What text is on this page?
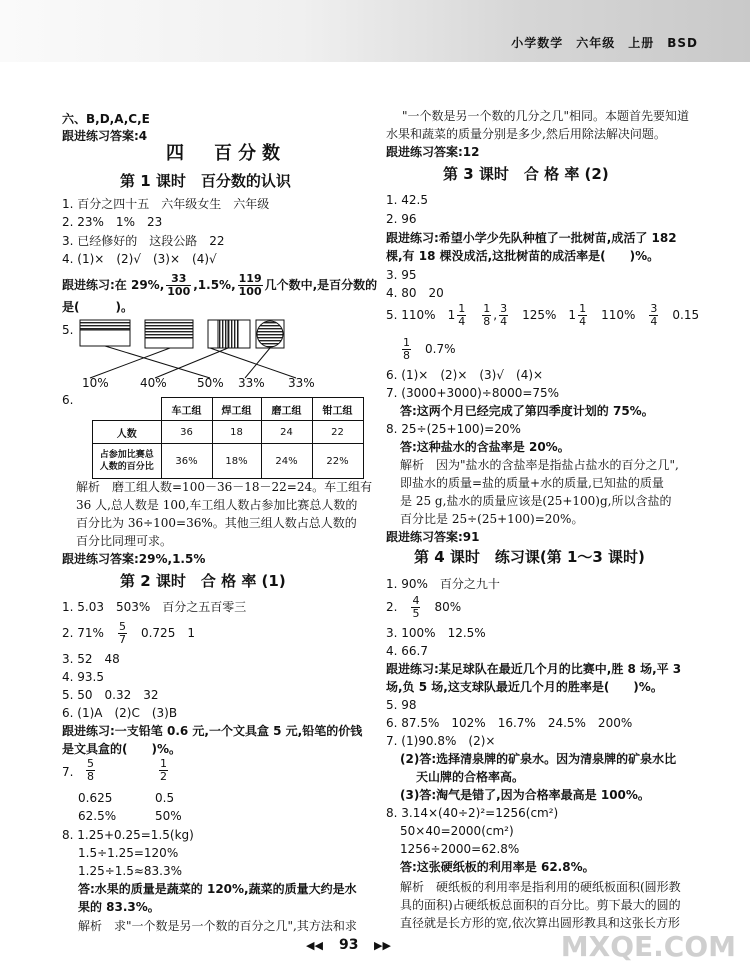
小学数学　六年级　上册　BSD
六、B,D,A,C,E
跟进练习答案:4
四　百分数
第 1 课时　百分数的认识
1. 百分之四十五　六年级女生　六年级
2. 23%　1%　23
3. 已经修好的　这段公路　22
4. (1)×　(2)√　(3)×　(4)√
跟进练习:在 29%, $\frac{33}{100} ,1.5\%$, $\frac{119}{100}$ 几个数中,是百分数的
是(　　　)。
5.
10%	40%	50% 33% 33%
6.
	车工组	焊工组	磨工组	钳工组
人数	36	18	24	22
占参加比赛总
人数的百分比	36%	18%	24%	22%
解析　磨工组人数=100－36－18－22=24。车工组有
36 人,总人数是 100,车工组人数占参加比赛总人数的
百分比为 36÷100=36%。其他三组人数占总人数的
百分比同理可求。
跟进练习答案:29%,1.5%
第 2 课时　合 格 率 (1)
1. 5.03　503%　百分之五百零三
2. 71%　 $\frac{5}{7}$
　 0.725　1
3. 52　48
4. 93.5
5. 50　0.32　32
6. (1)A　(2)C　(3)B
跟进练习:一支铅笔 0.6 元,一个文具盒 5 元,铅笔的价钱
是文具盒的(　　)%。
7. $\frac{5}{8}$	$\frac{1}{2}$
0.625	0.5
62.5%	50%
8. 1.25+0.25=1.5(kg)
1.5÷1.25=120%
1.25÷1.5≈83.3%
答:水果的质量是蔬菜的 120%,蔬菜的质量大约是水
果的 83.3%。
解析　求"一个数是另一个数的百分之几",其方法和求
"一个数是另一个数的几分之几"相同。本题首先要知道
水果和蔬菜的质量分别是多少,然后用除法解决问题。
跟进练习答案:12
第 3 课时　合 格 率 (2)
1. 42.5
2. 96
跟进练习:希望小学少先队种植了一批树苗,成活了 182
棵,有 18 棵没成活,这批树苗的成活率是(　　)%。
3. 95
4. 80　20
5. 110%　 $1 \frac{1}{4}$
　 $\frac{1}{8}$ , $\frac{3}{4}$
　 125%　 $1 \frac{1}{4}$
　 110%　 $\frac{3}{4}$
　 0.15
$\frac{1}{8}$
　 0.7%
6. (1)×　(2)×　(3)√　(4)×
7. (3000+3000)÷8000=75%
答:这两个月已经完成了第四季度计划的 75%。
8. 25÷(25+100)=20%
答:这种盐水的含盐率是 20%。
解析　因为"盐水的含盐率是指盐占盐水的百分之几",
即盐水的质量=盐的质量+水的质量,已知盐的质量
是 25 g,盐水的质量应该是(25+100)g,所以含盐的
百分比是 25÷(25+100)=20%。
跟进练习答案:91
第 4 课时　练习课(第 1～3 课时)
1. 90%　百分之九十
2.　 $\frac{4}{5}$
　 80%
3. 100%　12.5%
4. 66.7
跟进练习:某足球队在最近几个月的比赛中,胜 8 场,平 3
场,负 5 场,这支球队最近几个月的胜率是(　　)%。
5. 98
6. 87.5%　102%　16.7%　24.5%　200%
7. (1)90.8%　(2)×
(2)答:选择清泉牌的矿泉水。因为清泉牌的矿泉水比
天山牌的合格率高。
(3)答:淘气是错了,因为合格率最高是 100%。
8. 3.14×(40÷2)²=1256(cm²)
50×40=2000(cm²)
1256÷2000=62.8%
答:这张硬纸板的利用率是 62.8%。
解析　硬纸板的利用率是指利用的硬纸板面积(圆形教
具的面积)占硬纸板总面积的百分比。剪下最大的圆的
直径就是长方形的宽,依次算出圆形教具和这张长方形
◀◀ 93 ▶▶	MXQE.COM
